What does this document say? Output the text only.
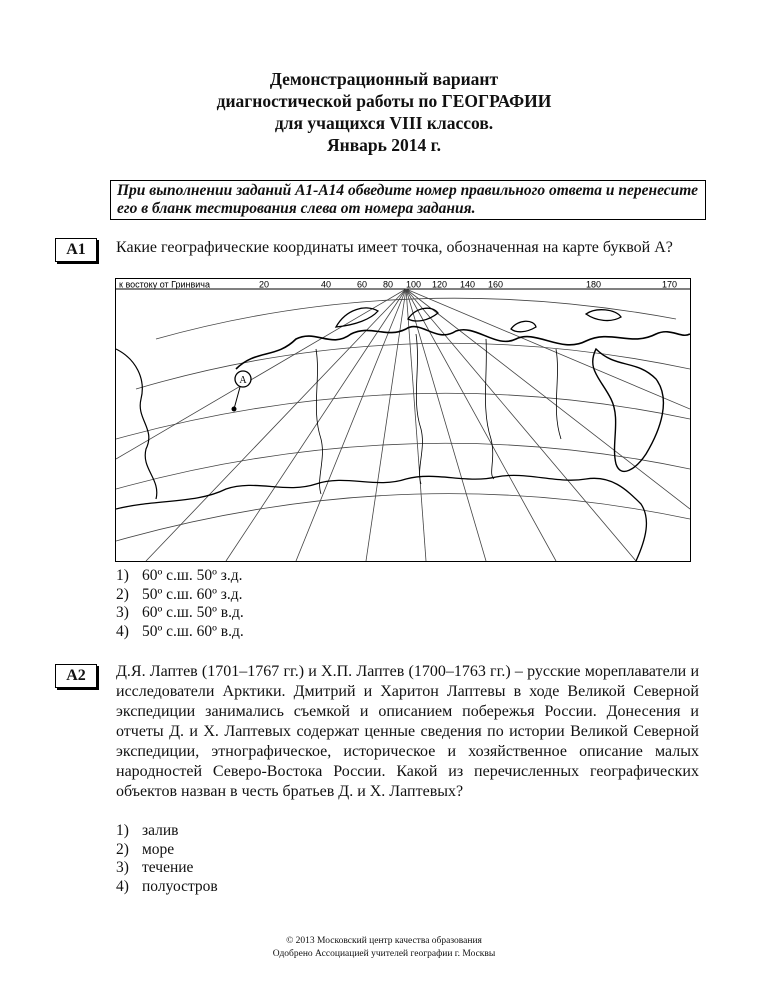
Демонстрационный вариант
диагностической работы по ГЕОГРАФИИ
для учащихся VIII классов.
Январь 2014 г.
При выполнении заданий А1-А14 обведите номер правильного ответа и перенесите его в бланк тестирования слева от номера задания.
А1	Какие географические координаты имеет точка, обозначенная на карте буквой А?
к востоку от Гринвича	20	40	60 80 100 120 140 160	180	170
А
1) 60º с.ш. 50º з.д.
2) 50º с.ш. 60º з.д.
3) 60º с.ш. 50º в.д.
4) 50º с.ш. 60º в.д.
А2	Д.Я. Лаптев (1701–1767 гг.) и Х.П. Лаптев (1700–1763 гг.) – русские мореплаватели и исследователи Арктики. Дмитрий и Харитон Лаптевы в ходе Великой Северной экспедиции занимались съемкой и описанием побережья России. Донесения и отчеты Д. и Х. Лаптевых содержат ценные сведения по истории Великой Северной экспедиции, этнографическое, историческое и хозяйственное описание малых народностей Северо-Востока России. Какой из перечисленных географических объектов назван в честь братьев Д. и Х. Лаптевых?
1) залив
2) море
3) течение
4) полуостров
© 2013 Московский центр качества образования
Одобрено Ассоциацией учителей географии г. Москвы
